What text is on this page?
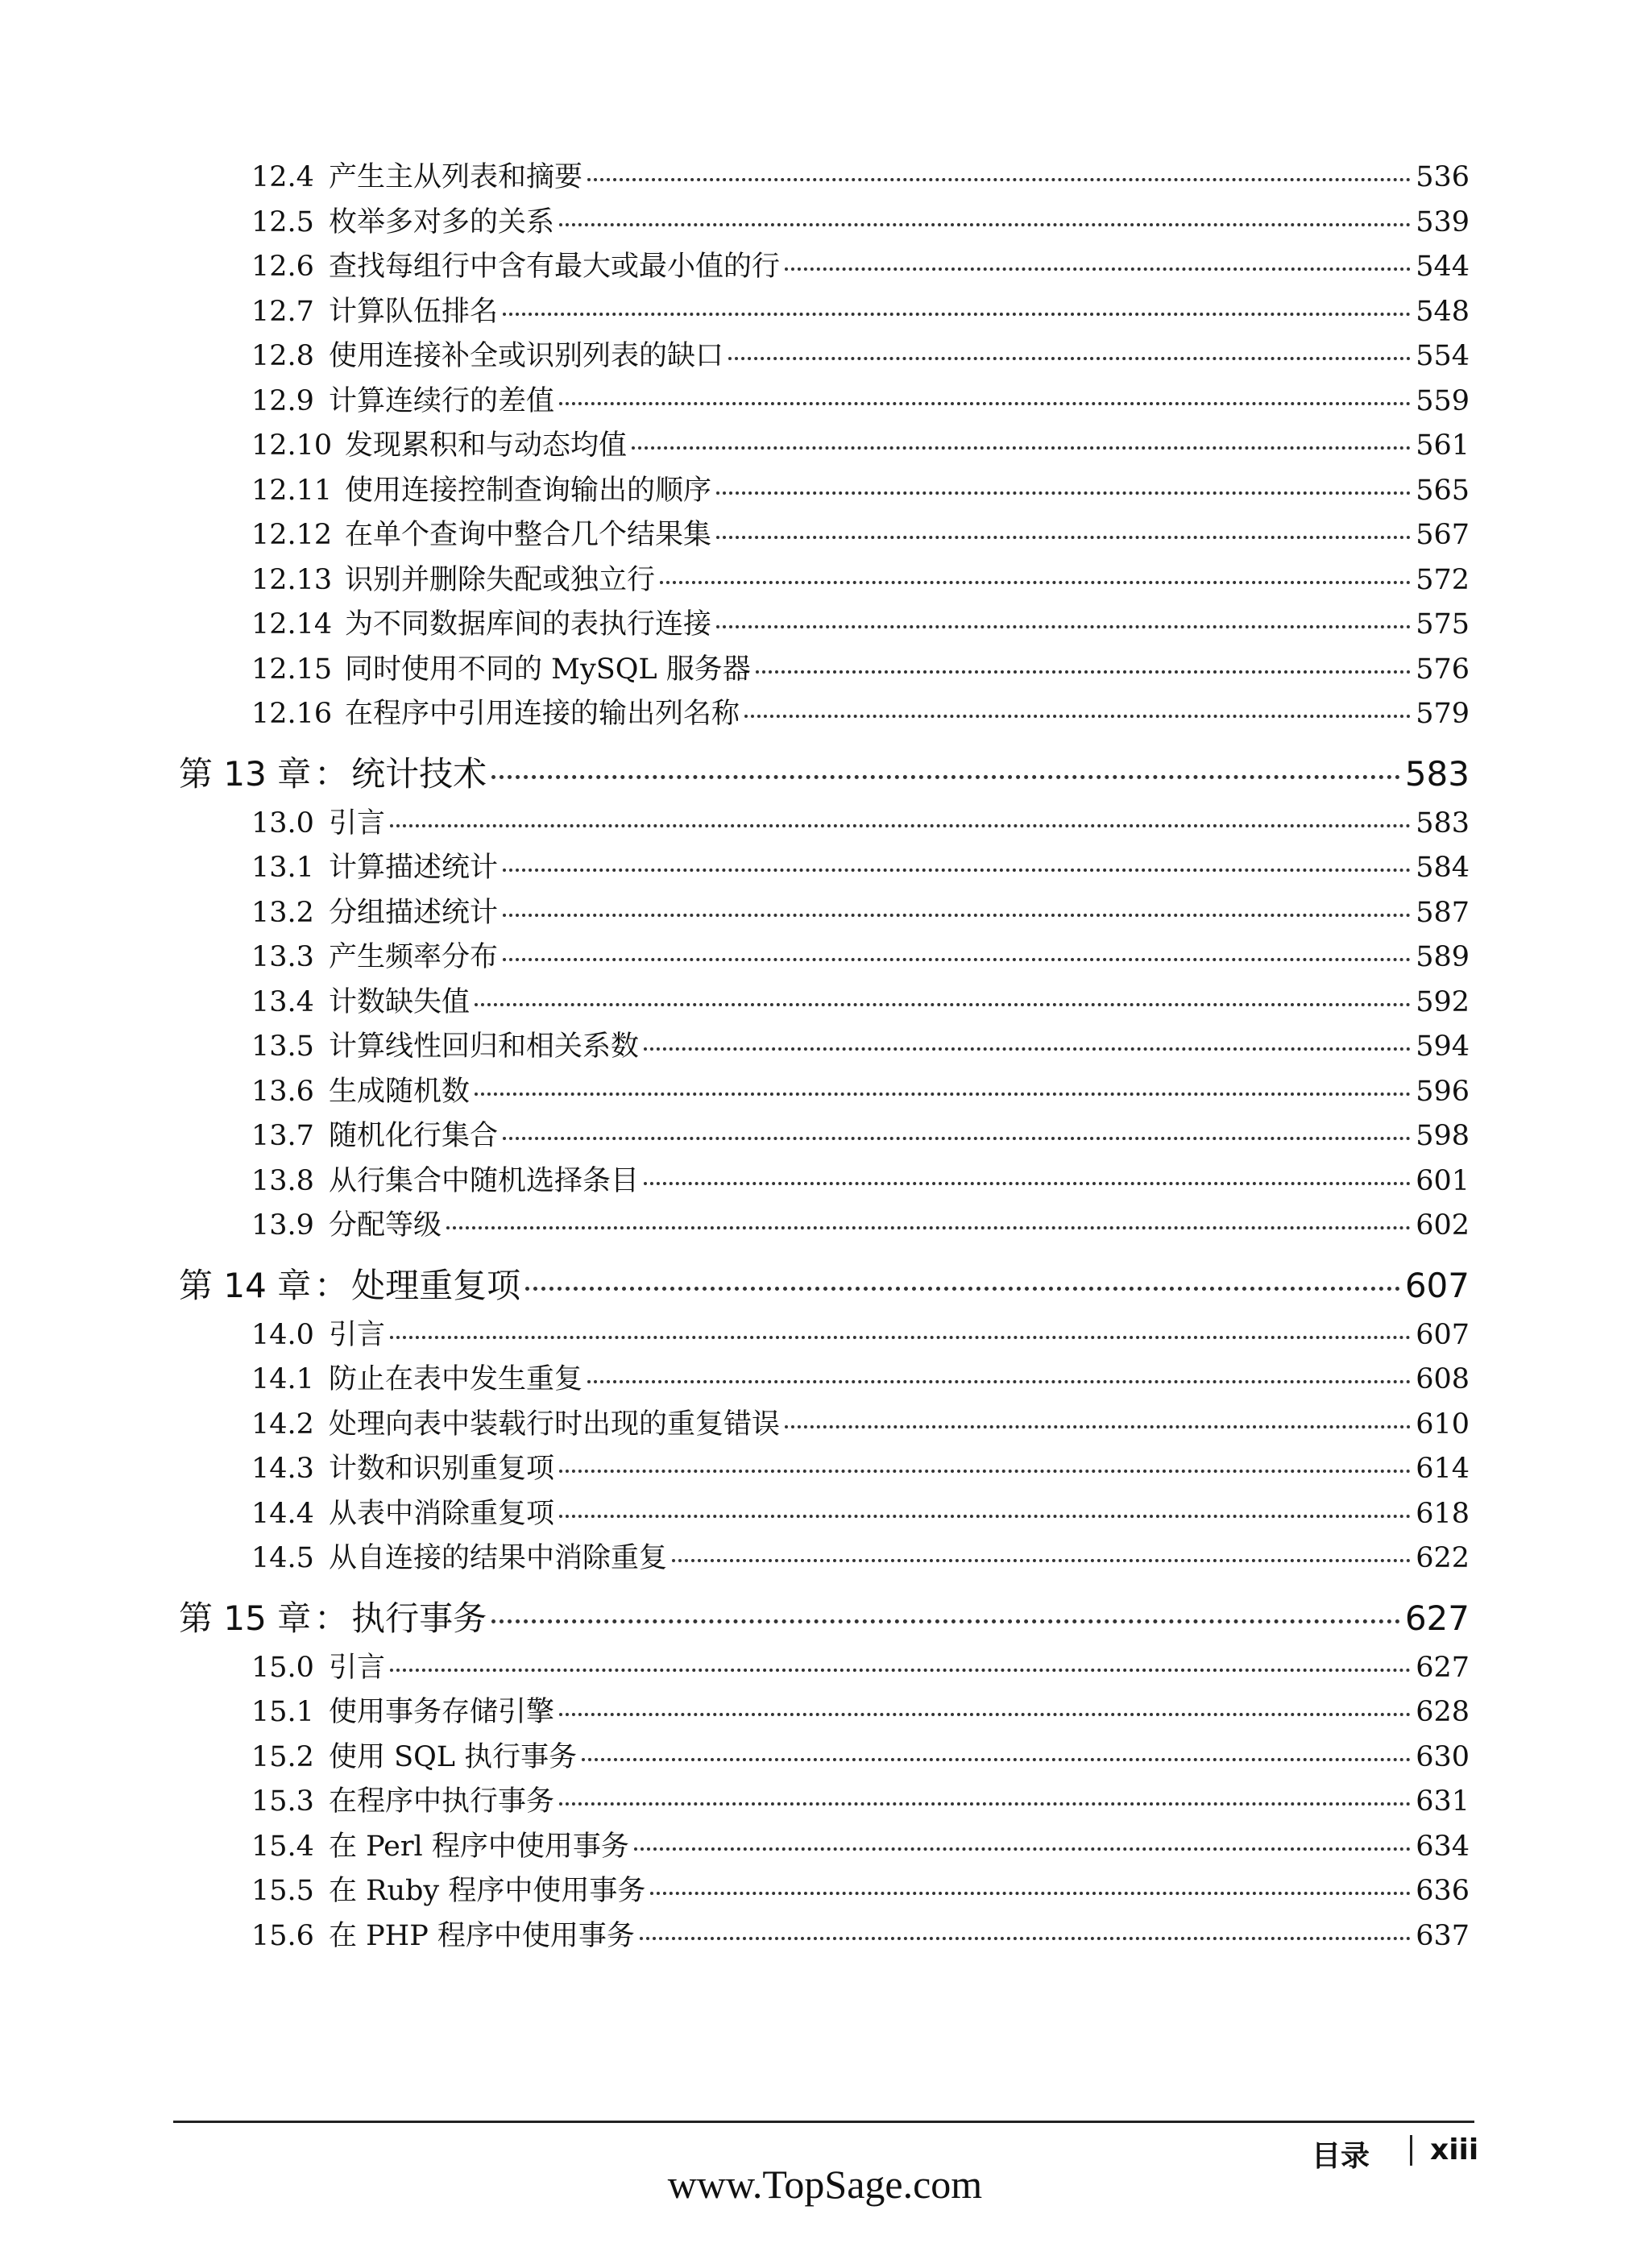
12.4 产生主从列表和摘要	536
12.5 枚举多对多的关系	539
12.6 查找每组行中含有最大或最小值的行	544
12.7 计算队伍排名	548
12.8 使用连接补全或识别列表的缺口	554
12.9 计算连续行的差值	559
12.10 发现累积和与动态均值	561
12.11 使用连接控制查询输出的顺序	565
12.12 在单个查询中整合几个结果集	567
12.13 识别并删除失配或独立行	572
12.14 为不同数据库间的表执行连接	575
12.15 同时使用不同的 MySQL 服务器	576
12.16 在程序中引用连接的输出列名称	579
第 13 章 ： 统计技术	583
13.0 引言	583
13.1 计算描述统计	584
13.2 分组描述统计	587
13.3 产生频率分布	589
13.4 计数缺失值	592
13.5 计算线性回归和相关系数	594
13.6 生成随机数	596
13.7 随机化行集合	598
13.8 从行集合中随机选择条目	601
13.9 分配等级	602
第 14 章 ： 处理重复项	607
14.0 引言	607
14.1 防止在表中发生重复	608
14.2 处理向表中装载行时出现的重复错误	610
14.3 计数和识别重复项	614
14.4 从表中消除重复项	618
14.5 从自连接的结果中消除重复	622
第 15 章 ： 执行事务	627
15.0 引言	627
15.1 使用事务存储引擎	628
15.2 使用 SQL 执行事务	630
15.3 在程序中执行事务	631
15.4 在 Perl 程序中使用事务	634
15.5 在 Ruby 程序中使用事务	636
15.6 在 PHP 程序中使用事务	637
目录 xiii
www.TopSage.com
